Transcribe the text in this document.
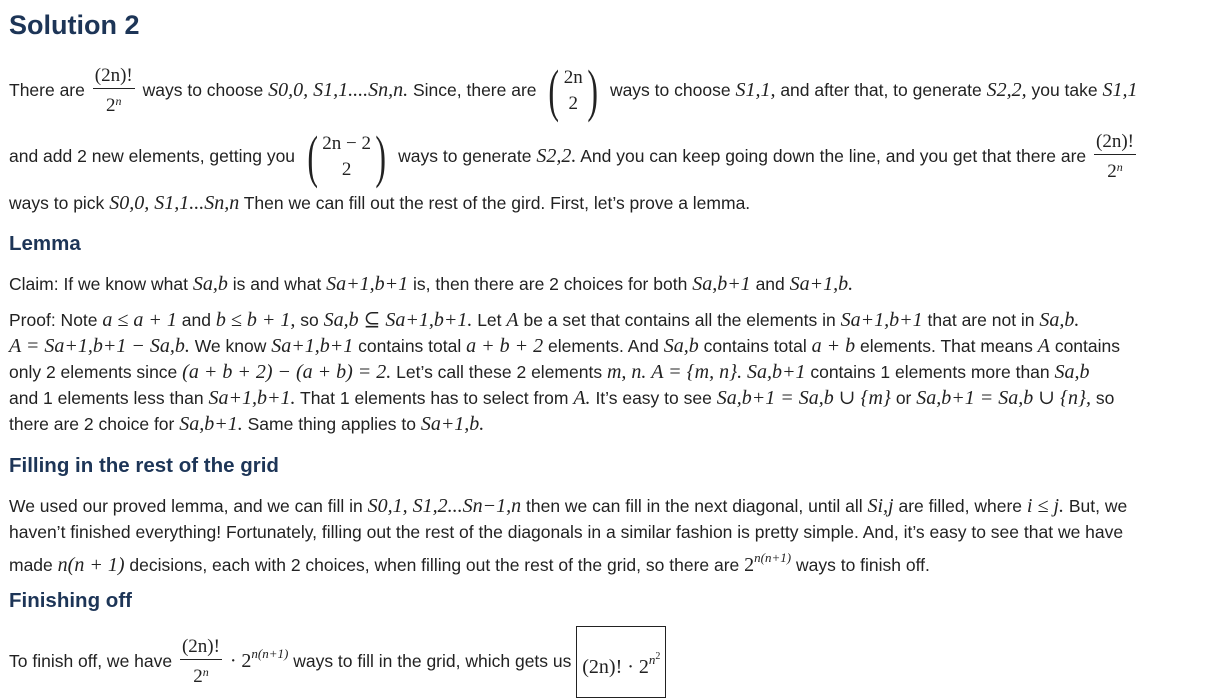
Solution 2
There are $\frac{(2n)!}{2^n}$ ways to choose S0,0, S1,1....Sn,n. Since, there are ( 2n
2 ) ways to choose S1,1, and after that, to generate S2,2, you take S1,1
and add 2 new elements, getting you ( 2n − 2
2 ) ways to generate S2,2. And you can keep going down the line, and you get that there are $\frac{(2n)!}{2^n}$
ways to pick S0,0, S1,1...Sn,n Then we can fill out the rest of the gird. First, let’s prove a lemma.
Lemma
Claim: If we know what Sa,b is and what Sa+1,b+1 is, then there are 2 choices for both Sa,b+1 and Sa+1,b.
Proof: Note a ≤ a + 1 and b ≤ b + 1, so Sa,b ⊆ Sa+1,b+1. Let A be a set that contains all the elements in Sa+1,b+1 that are not in Sa,b.
A = Sa+1,b+1 − Sa,b. We know Sa+1,b+1 contains total a + b + 2 elements. And Sa,b contains total a + b elements. That means A contains
only 2 elements since (a + b + 2) − (a + b) = 2. Let’s call these 2 elements m, n. A = {m, n}. Sa,b+1 contains 1 elements more than Sa,b
and 1 elements less than Sa+1,b+1. That 1 elements has to select from A. It’s easy to see Sa,b+1 = Sa,b ∪ {m} or Sa,b+1 = Sa,b ∪ {n}, so
there are 2 choice for Sa,b+1. Same thing applies to Sa+1,b.
Filling in the rest of the grid
We used our proved lemma, and we can fill in S0,1, S1,2...Sn−1,n then we can fill in the next diagonal, until all Si,j are filled, where i ≤ j. But, we
haven’t finished everything! Fortunately, filling out the rest of the diagonals in a similar fashion is pretty simple. And, it’s easy to see that we have
made n(n + 1) decisions, each with 2 choices, when filling out the rest of the grid, so there are $2^{n(n+1)}$ ways to finish off.
Finishing off
To finish off, we have $\frac{(2n)!}{2^n} \cdot 2^{n(n+1)}$ ways to fill in the grid, which gets us (2n)! · $2^{n^2}$
